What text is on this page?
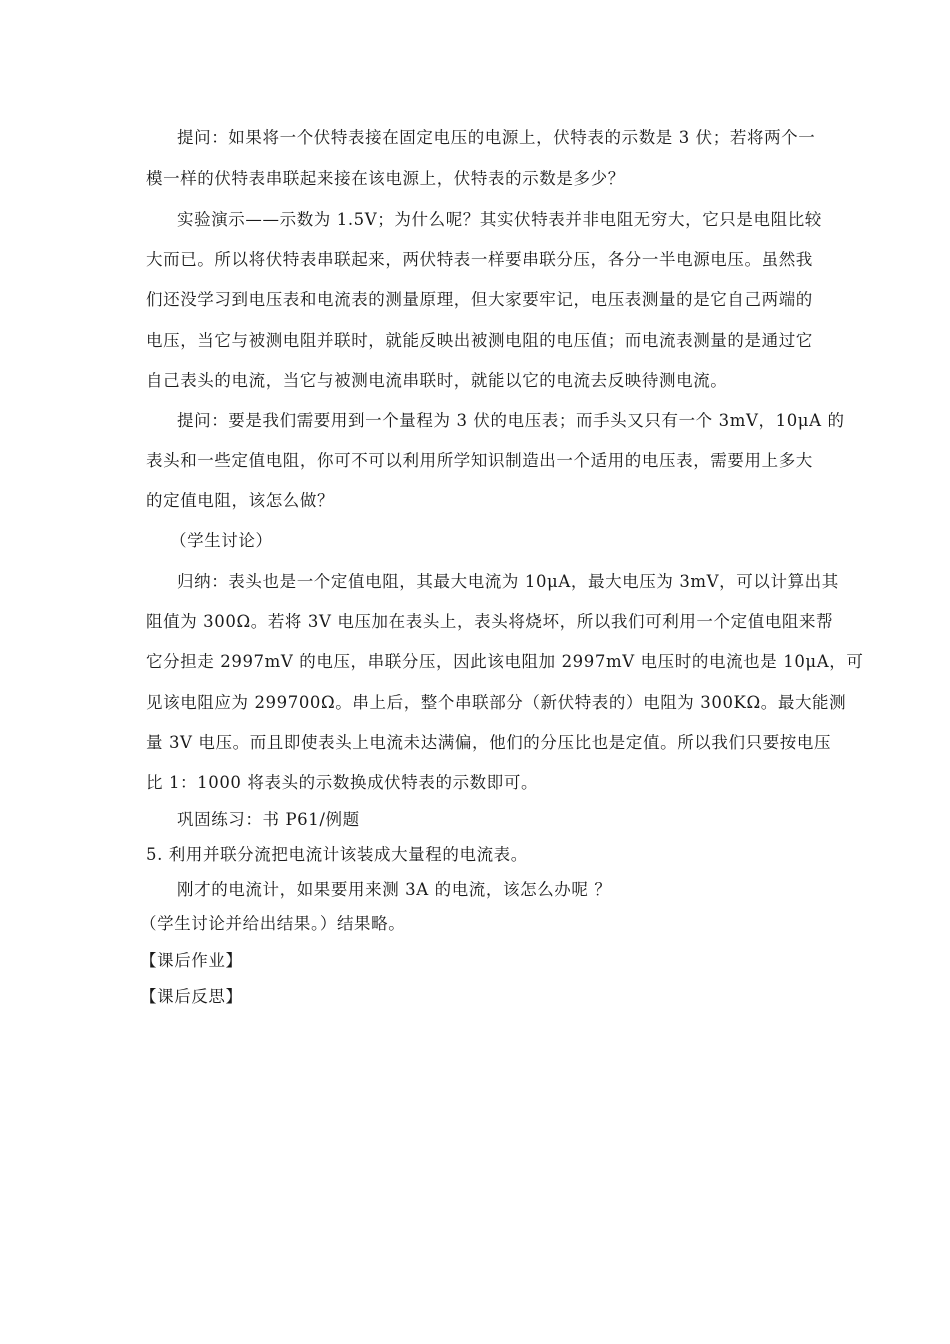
提问：如果将一个伏特表接在固定电压的电源上，伏特表的示数是 3 伏；若将两个一
模一样的伏特表串联起来接在该电源上，伏特表的示数是多少？
实验演示——示数为 1.5V；为什么呢？其实伏特表并非电阻无穷大，它只是电阻比较
大而已。所以将伏特表串联起来，两伏特表一样要串联分压，各分一半电源电压。虽然我
们还没学习到电压表和电流表的测量原理，但大家要牢记，电压表测量的是它自己两端的
电压，当它与被测电阻并联时，就能反映出被测电阻的电压值；而电流表测量的是通过它
自己表头的电流，当它与被测电流串联时，就能以它的电流去反映待测电流。
提问：要是我们需要用到一个量程为 3 伏的电压表；而手头又只有一个 3mV，10μA 的
表头和一些定值电阻，你可不可以利用所学知识制造出一个适用的电压表，需要用上多大
的定值电阻，该怎么做？
（学生讨论）
归纳：表头也是一个定值电阻，其最大电流为 10μA，最大电压为 3mV，可以计算出其
阻值为 300Ω。若将 3V 电压加在表头上，表头将烧坏，所以我们可利用一个定值电阻来帮
它分担走 2997mV 的电压，串联分压，因此该电阻加 2997mV 电压时的电流也是 10μA，可
见该电阻应为 299700Ω。串上后，整个串联部分（新伏特表的）电阻为 300KΩ。最大能测
量 3V 电压。而且即使表头上电流未达满偏，他们的分压比也是定值。所以我们只要按电压
比 1：1000 将表头的示数换成伏特表的示数即可。
巩固练习：书 P61/例题
5. 利用并联分流把电流计该装成大量程的电流表。
刚才的电流计，如果要用来测 3A 的电流，该怎么办呢 ？
（学生讨论并给出结果。）结果略。
【课后作业】
【课后反思】
